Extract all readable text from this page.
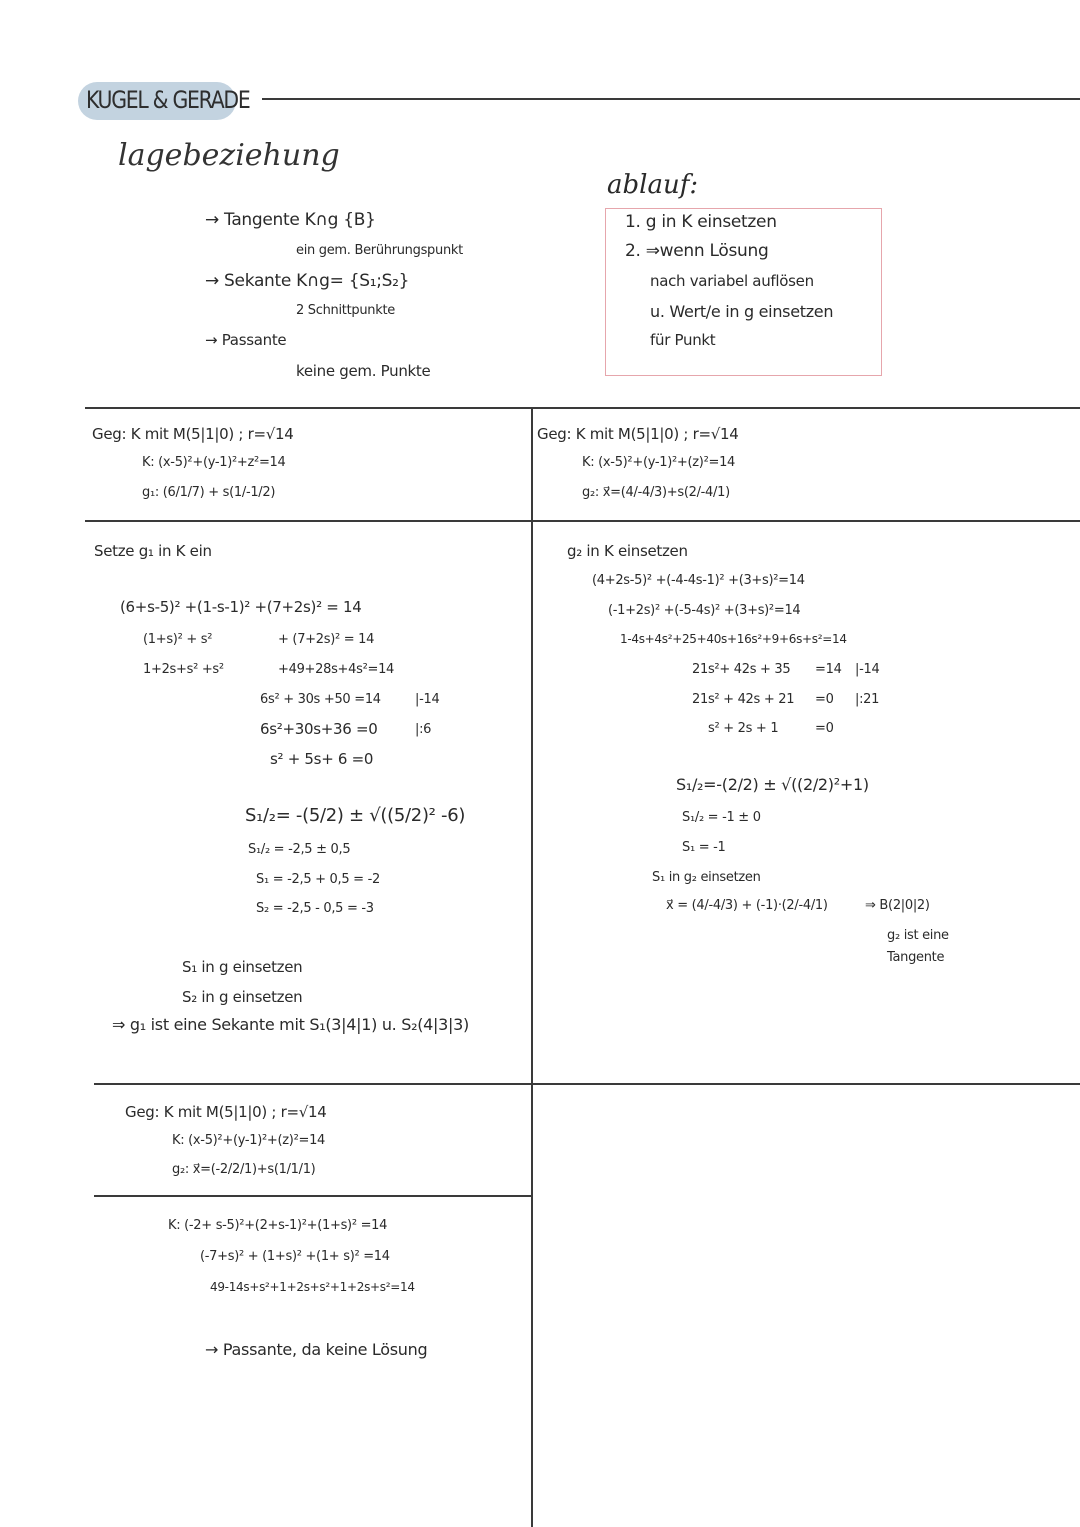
KUGEL & GERADE
lagebeziehung
→ Tangente K∩g {B}
ein gem. Berührungspunkt
→ Sekante K∩g= {S₁;S₂}
2 Schnittpunkte
→ Passante
keine gem. Punkte
ablauf:
1. g in K einsetzen
2. ⇒wenn Lösung
nach variabel auflösen
u. Wert/e in g einsetzen
für Punkt
Geg: K mit M(5|1|0) ; r=√14
K: (x-5)²+(y-1)²+z²=14
g₁: (6/1/7) + s(1/-1/2)
Setze g₁ in K ein
(6+s-5)² +(1-s-1)² +(7+2s)² = 14
(1+s)² + s²	+ (7+2s)² = 14
1+2s+s² +s²	+49+28s+4s²=14
6s² + 30s +50 =14	|-14
6s²+30s+36 =0	|:6
s² + 5s+ 6 =0
S₁/₂= -(5/2) ± √((5/2)² -6)
S₁/₂ = -2,5 ± 0,5
S₁ = -2,5 + 0,5 = -2
S₂ = -2,5 - 0,5 = -3
S₁ in g einsetzen
S₂ in g einsetzen
⇒ g₁ ist eine Sekante mit S₁(3|4|1) u. S₂(4|3|3)
Geg: K mit M(5|1|0) ; r=√14
K: (x-5)²+(y-1)²+(z)²=14
g₂: x⃗=(4/-4/3)+s(2/-4/1)
g₂ in K einsetzen
(4+2s-5)² +(-4-4s-1)² +(3+s)²=14
(-1+2s)² +(-5-4s)² +(3+s)²=14
1-4s+4s²+25+40s+16s²+9+6s+s²=14
21s²+ 42s + 35 =14 |-14
21s² + 42s + 21 =0 |:21
s² + 2s + 1	=0
S₁/₂=-(2/2) ± √((2/2)²+1)
S₁/₂ = -1 ± 0
S₁ = -1
S₁ in g₂ einsetzen
x⃗ = (4/-4/3) + (-1)·(2/-4/1)	⇒ B(2|0|2)
g₂ ist eine
Tangente
Geg: K mit M(5|1|0) ; r=√14
K: (x-5)²+(y-1)²+(z)²=14
g₂: x⃗=(-2/2/1)+s(1/1/1)
K: (-2+ s-5)²+(2+s-1)²+(1+s)² =14
(-7+s)² + (1+s)² +(1+ s)² =14
49-14s+s²+1+2s+s²+1+2s+s²=14
→ Passante, da keine Lösung
